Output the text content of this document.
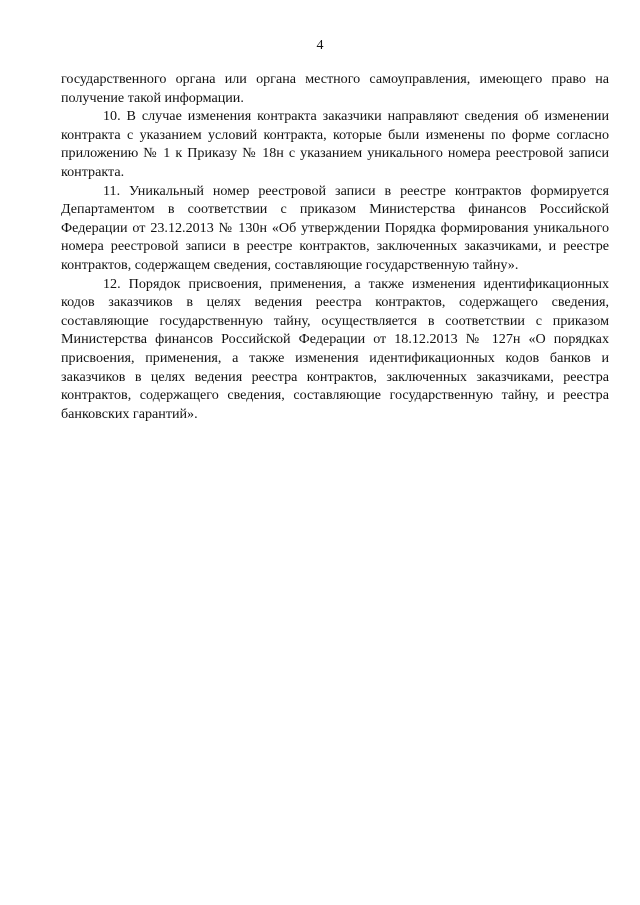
4

государственного органа или органа местного самоуправления, имеющего право на получение такой информации.

10. В случае изменения контракта заказчики направляют сведения об изменении контракта с указанием условий контракта, которые были изменены по форме согласно приложению № 1 к Приказу № 18н с указанием уникального номера реестровой записи контракта.

11. Уникальный номер реестровой записи в реестре контрактов формируется Департаментом в соответствии с приказом Министерства финансов Российской Федерации от 23.12.2013 № 130н «Об утверждении Порядка формирования уникального номера реестровой записи в реестре контрактов, заключенных заказчиками, и реестре контрактов, содержащем сведения, составляющие государственную тайну».

12. Порядок присвоения, применения, а также изменения идентификационных кодов заказчиков в целях ведения реестра контрактов, содержащего сведения, составляющие государственную тайну, осуществляется в соответствии с приказом Министерства финансов Российской Федерации от 18.12.2013 № 127н «О порядках присвоения, применения, а также изменения идентификационных кодов банков и заказчиков в целях ведения реестра контрактов, заключенных заказчиками, реестра контрактов, содержащего сведения, составляющие государственную тайну, и реестра банковских гарантий».
